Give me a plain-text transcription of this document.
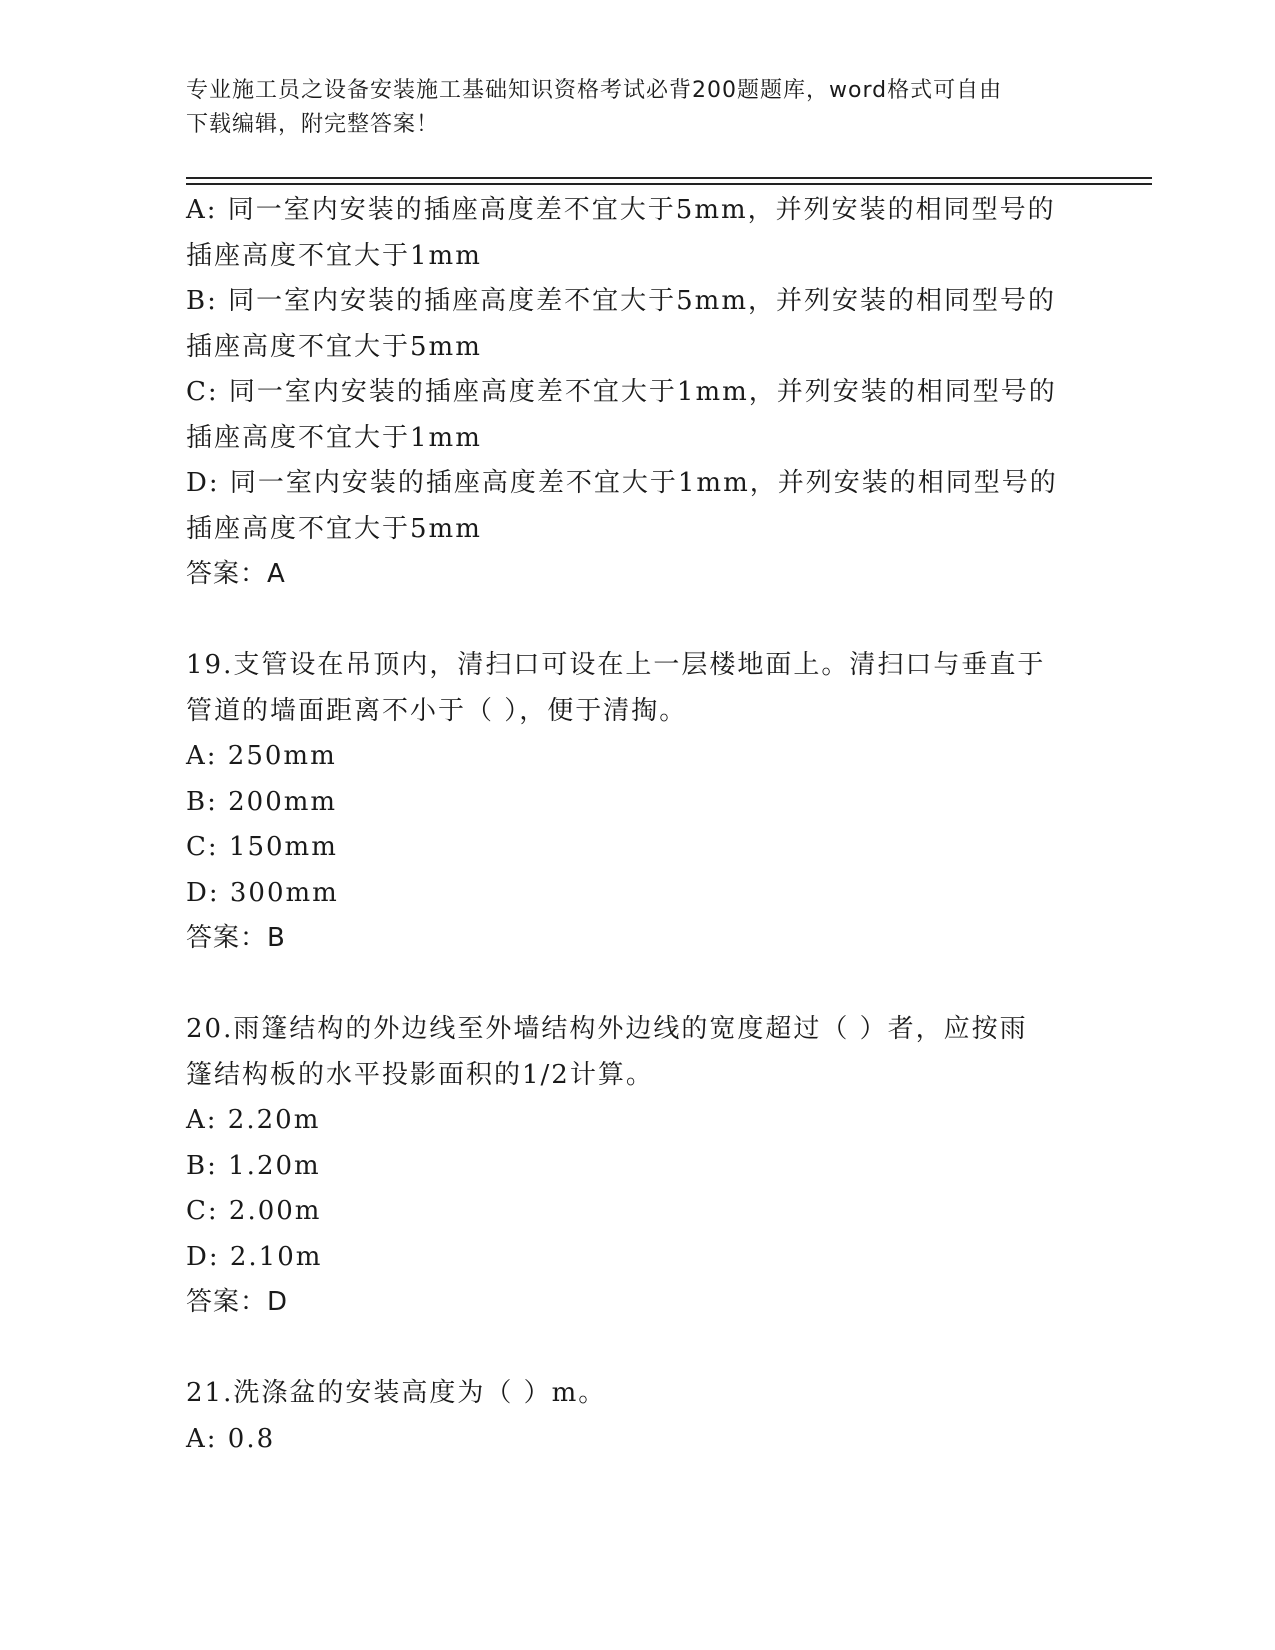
专业施工员之设备安装施工基础知识资格考试必背200题题库，word格式可自由
下载编辑，附完整答案！
A: 同一室内安装的插座高度差不宜大于5mm，并列安装的相同型号的
插座高度不宜大于1mm
B: 同一室内安装的插座高度差不宜大于5mm，并列安装的相同型号的
插座高度不宜大于5mm
C: 同一室内安装的插座高度差不宜大于1mm，并列安装的相同型号的
插座高度不宜大于1mm
D: 同一室内安装的插座高度差不宜大于1mm，并列安装的相同型号的
插座高度不宜大于5mm
答案：A
19.支管设在吊顶内，清扫口可设在上一层楼地面上。清扫口与垂直于
管道的墙面距离不小于（ ），便于清掏。
A: 250mm
B: 200mm
C: 150mm
D: 300mm
答案：B
20.雨篷结构的外边线至外墙结构外边线的宽度超过（ ）者，应按雨
篷结构板的水平投影面积的1/2计算。
A: 2.20m
B: 1.20m
C: 2.00m
D: 2.10m
答案：D
21.洗涤盆的安装高度为（ ）m。
A: 0.8
